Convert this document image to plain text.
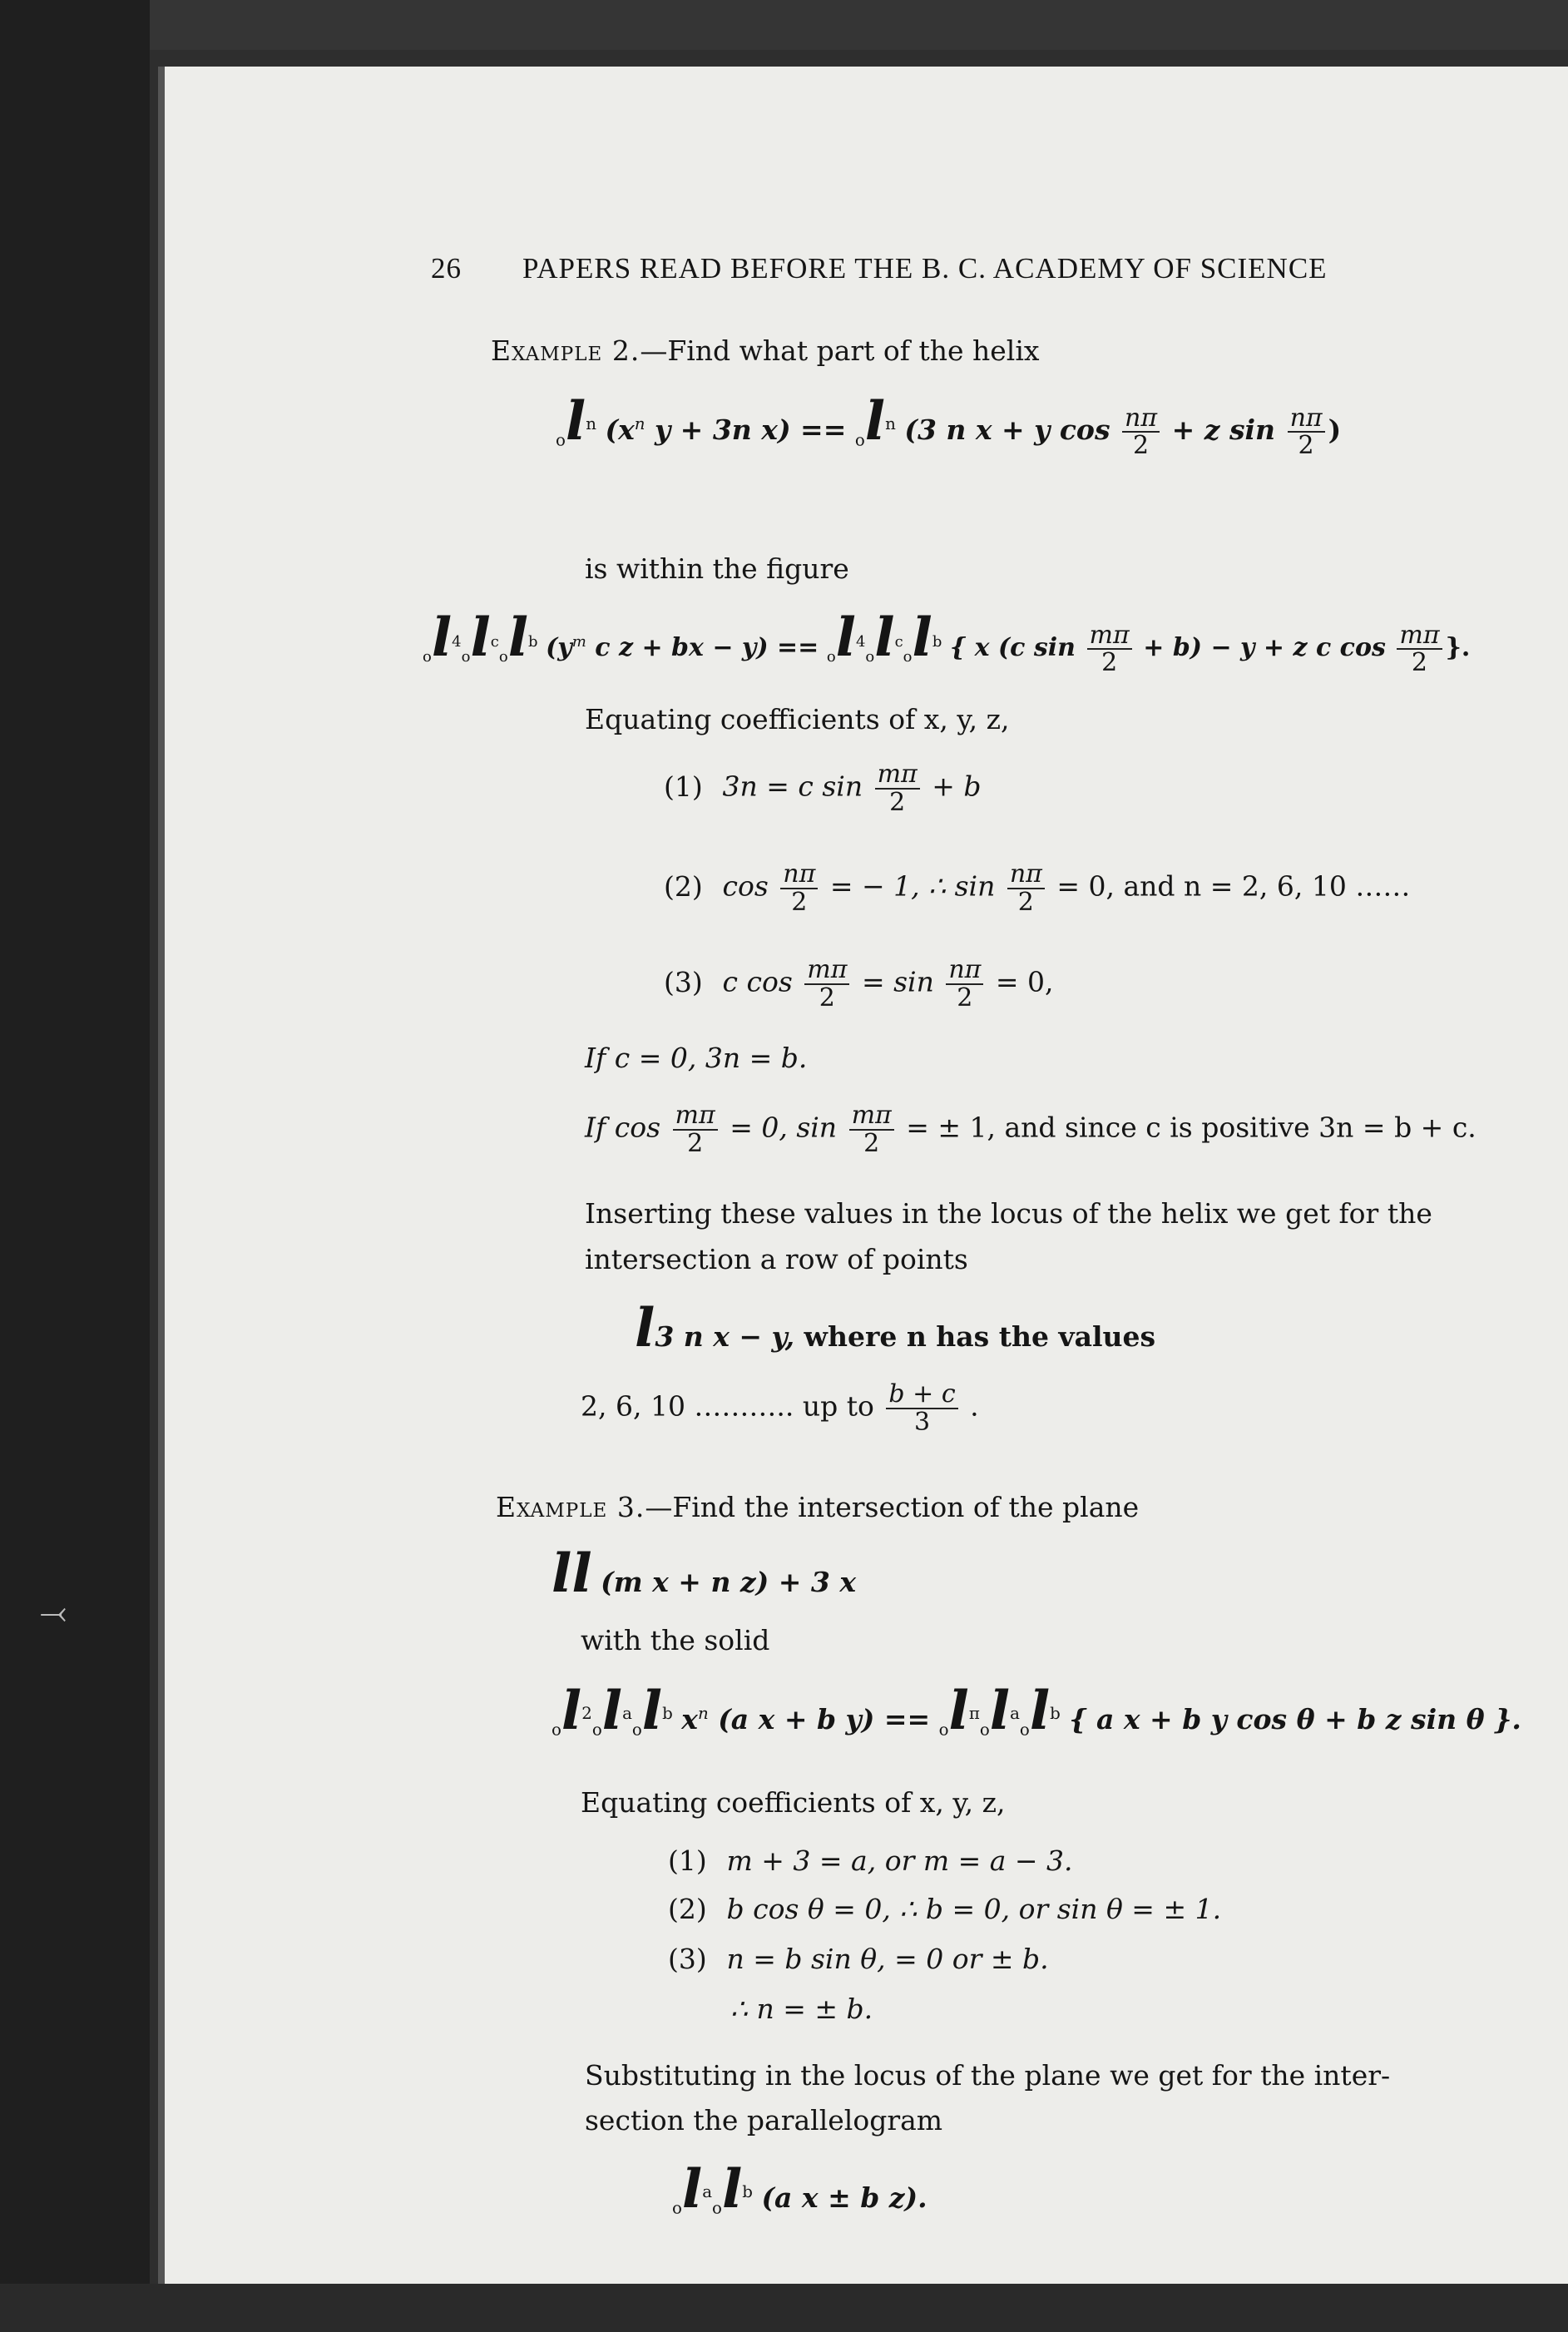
⤙
26 PAPERS READ BEFORE THE B. C. ACADEMY OF SCIENCE
Example 2.—Find what part of the helix
$_ol^n$ ($x^n$ y + 3n $x) == _ol^n$ (3 n x + y $\cos \frac{n\pi}{2} + z$ $\sin \frac{n\pi}{2}$ )
is within the figure
$_ol^4_ol^c_ol^b$ ($y^m$ c z + bx − $y) == _ol^4_ol^c_ol^b$ { x (c $\sin \frac{m\pi}{2} + b) - y + z$ c $\cos \frac{m\pi}{2}$ }.
Equating coefficients of x, y, z,
(1) 3n = c $\sin \frac{m\pi}{2} + b$
(2) $\cos \frac{n\pi}{2}$ = − 1, ∴ $\sin \frac{n\pi}{2} = 0$, and n = 2, 6, 10 ……
(3) c $\cos \frac{m\pi}{2} = \sin \frac{n\pi}{2} = 0$,
If c = 0, 3n = b.
If $\cos \frac{m\pi}{2} = 0$, $\sin \frac{m\pi}{2}$ = ± 1, and since c is positive 3n = b + c.
Inserting these values in the locus of the helix we get for the
intersection a row of points
l3 n x − y, where n has the values
2, 6, 10 ……….. up to $\frac{b + c}{3}$ .
Example 3.—Find the intersection of the plane
ll (m x + n z) + 3 x
with the solid
$_ol^2_ol^a_ol^b$ $x^n$ (a x + b $y) == _ol^\pi_ol^a_ol^b$ { a x + b y cos θ + b z sin θ }.
Equating coefficients of x, y, z,
(1) m + 3 = a, or m = a − 3.
(2) b cos θ = 0, ∴ b = 0, or sin θ = ± 1.
(3) n = b sin θ, = 0 or ± b.
∴ n = ± b.
Substituting in the locus of the plane we get for the inter-
section the parallelogram
$_ol^a_ol^b$ (a x ± b z).
